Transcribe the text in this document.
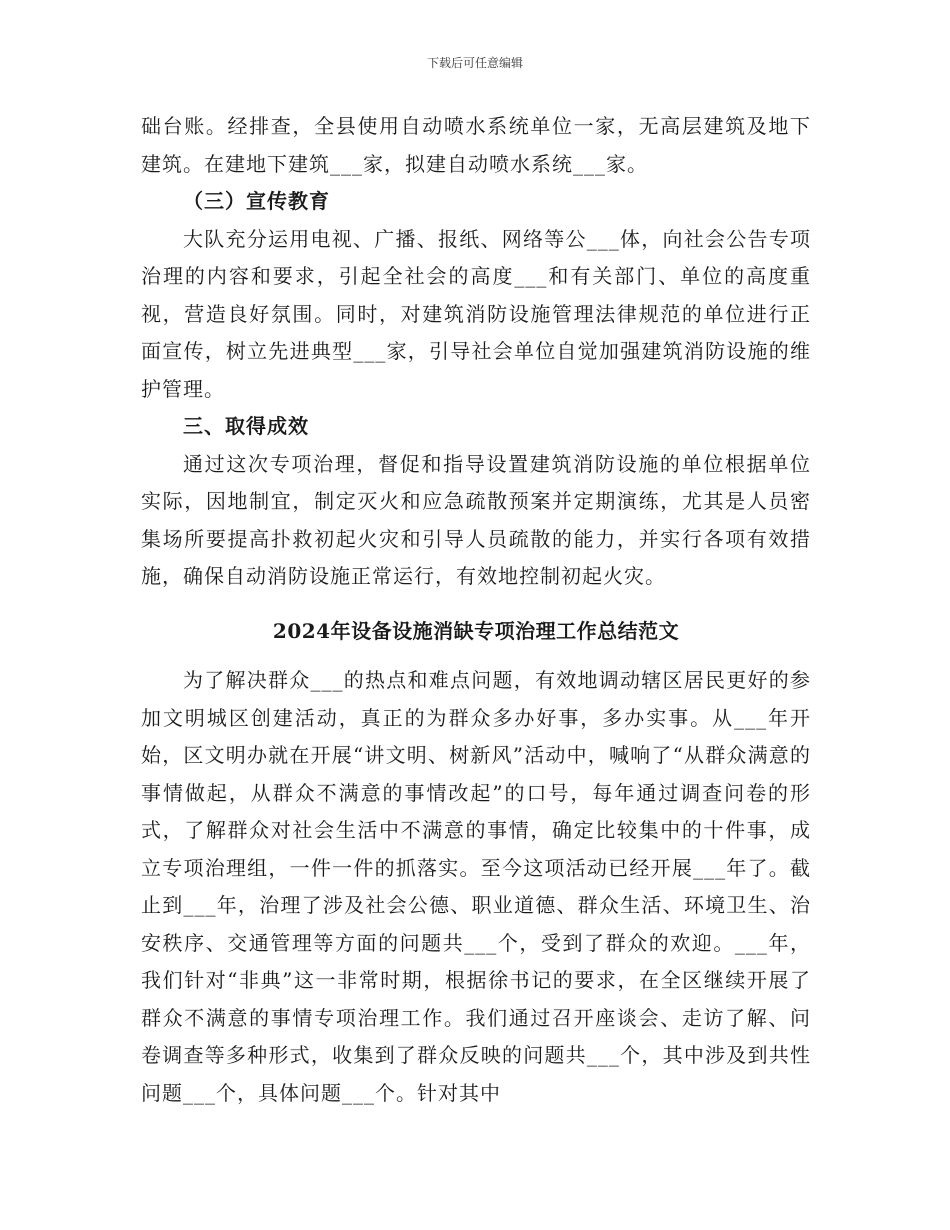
下载后可任意编辑

础台账。经排查，全县使用自动喷水系统单位一家，无高层建筑及地下建筑。在建地下建筑___家，拟建自动喷水系统___家。

（三）宣传教育

大队充分运用电视、广播、报纸、网络等公___体，向社会公告专项治理的内容和要求，引起全社会的高度___和有关部门、单位的高度重视，营造良好氛围。同时，对建筑消防设施管理法律规范的单位进行正面宣传，树立先进典型___家，引导社会单位自觉加强建筑消防设施的维护管理。

三、取得成效

通过这次专项治理，督促和指导设置建筑消防设施的单位根据单位实际，因地制宜，制定灭火和应急疏散预案并定期演练，尤其是人员密集场所要提高扑救初起火灾和引导人员疏散的能力，并实行各项有效措施，确保自动消防设施正常运行，有效地控制初起火灾。

2024年设备设施消缺专项治理工作总结范文

为了解决群众___的热点和难点问题，有效地调动辖区居民更好的参加文明城区创建活动，真正的为群众多办好事，多办实事。从___年开始，区文明办就在开展“讲文明、树新风”活动中，喊响了“从群众满意的事情做起，从群众不满意的事情改起”的口号，每年通过调查问卷的形式，了解群众对社会生活中不满意的事情，确定比较集中的十件事，成立专项治理组，一件一件的抓落实。至今这项活动已经开展___年了。截止到___年，治理了涉及社会公德、职业道德、群众生活、环境卫生、治安秩序、交通管理等方面的问题共___个，受到了群众的欢迎。___年，我们针对“非典”这一非常时期，根据徐书记的要求，在全区继续开展了群众不满意的事情专项治理工作。我们通过召开座谈会、走访了解、问卷调查等多种形式，收集到了群众反映的问题共___个，其中涉及到共性问题___个，具体问题___个。针对其中
